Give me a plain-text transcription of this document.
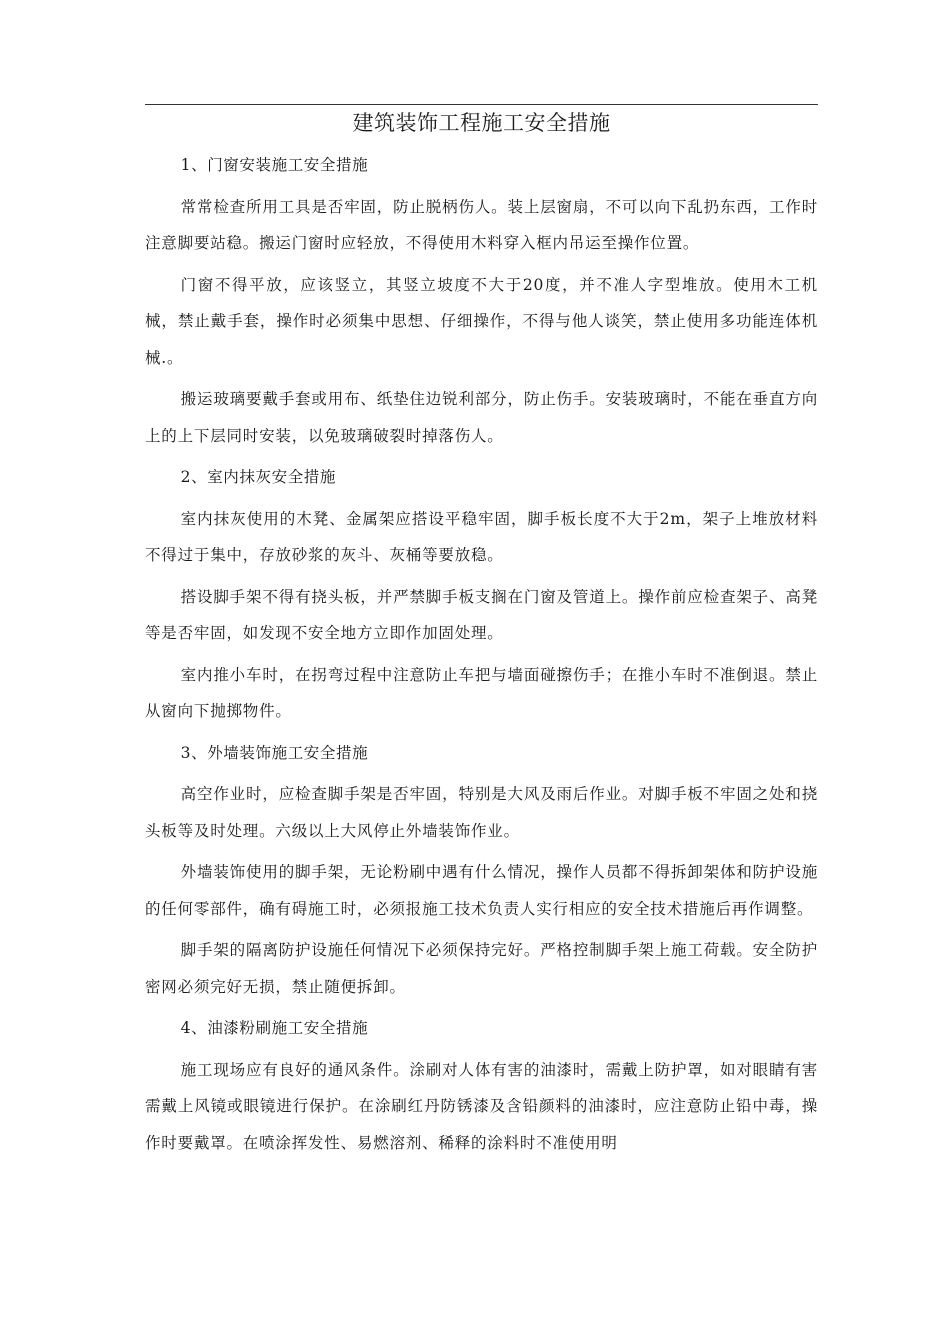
建筑装饰工程施工安全措施

1、门窗安装施工安全措施

常常检查所用工具是否牢固，防止脱柄伤人。装上层窗扇，不可以向下乱扔东西，工作时注意脚要站稳。搬运门窗时应轻放，不得使用木料穿入框内吊运至操作位置。

门窗不得平放，应该竖立，其竖立坡度不大于20度，并不准人字型堆放。使用木工机械，禁止戴手套，操作时必须集中思想、仔细操作，不得与他人谈笑，禁止使用多功能连体机械.。

搬运玻璃要戴手套或用布、纸垫住边锐利部分，防止伤手。安装玻璃时，不能在垂直方向上的上下层同时安装，以免玻璃破裂时掉落伤人。

2、室内抹灰安全措施

室内抹灰使用的木凳、金属架应搭设平稳牢固，脚手板长度不大于2m，架子上堆放材料不得过于集中，存放砂浆的灰斗、灰桶等要放稳。

搭设脚手架不得有挠头板，并严禁脚手板支搁在门窗及管道上。操作前应检查架子、高凳等是否牢固，如发现不安全地方立即作加固处理。

室内推小车时，在拐弯过程中注意防止车把与墙面碰擦伤手；在推小车时不准倒退。禁止从窗向下抛掷物件。

3、外墙装饰施工安全措施

高空作业时，应检查脚手架是否牢固，特别是大风及雨后作业。对脚手板不牢固之处和挠头板等及时处理。六级以上大风停止外墙装饰作业。

外墙装饰使用的脚手架，无论粉刷中遇有什么情况，操作人员都不得拆卸架体和防护设施的任何零部件，确有碍施工时，必须报施工技术负责人实行相应的安全技术措施后再作调整。

脚手架的隔离防护设施任何情况下必须保持完好。严格控制脚手架上施工荷载。安全防护密网必须完好无损，禁止随便拆卸。

4、油漆粉刷施工安全措施

施工现场应有良好的通风条件。涂刷对人体有害的油漆时，需戴上防护罩，如对眼睛有害需戴上风镜或眼镜进行保护。在涂刷红丹防锈漆及含铅颜料的油漆时，应注意防止铅中毒，操作时要戴罩。在喷涂挥发性、易燃溶剂、稀释的涂料时不准使用明
